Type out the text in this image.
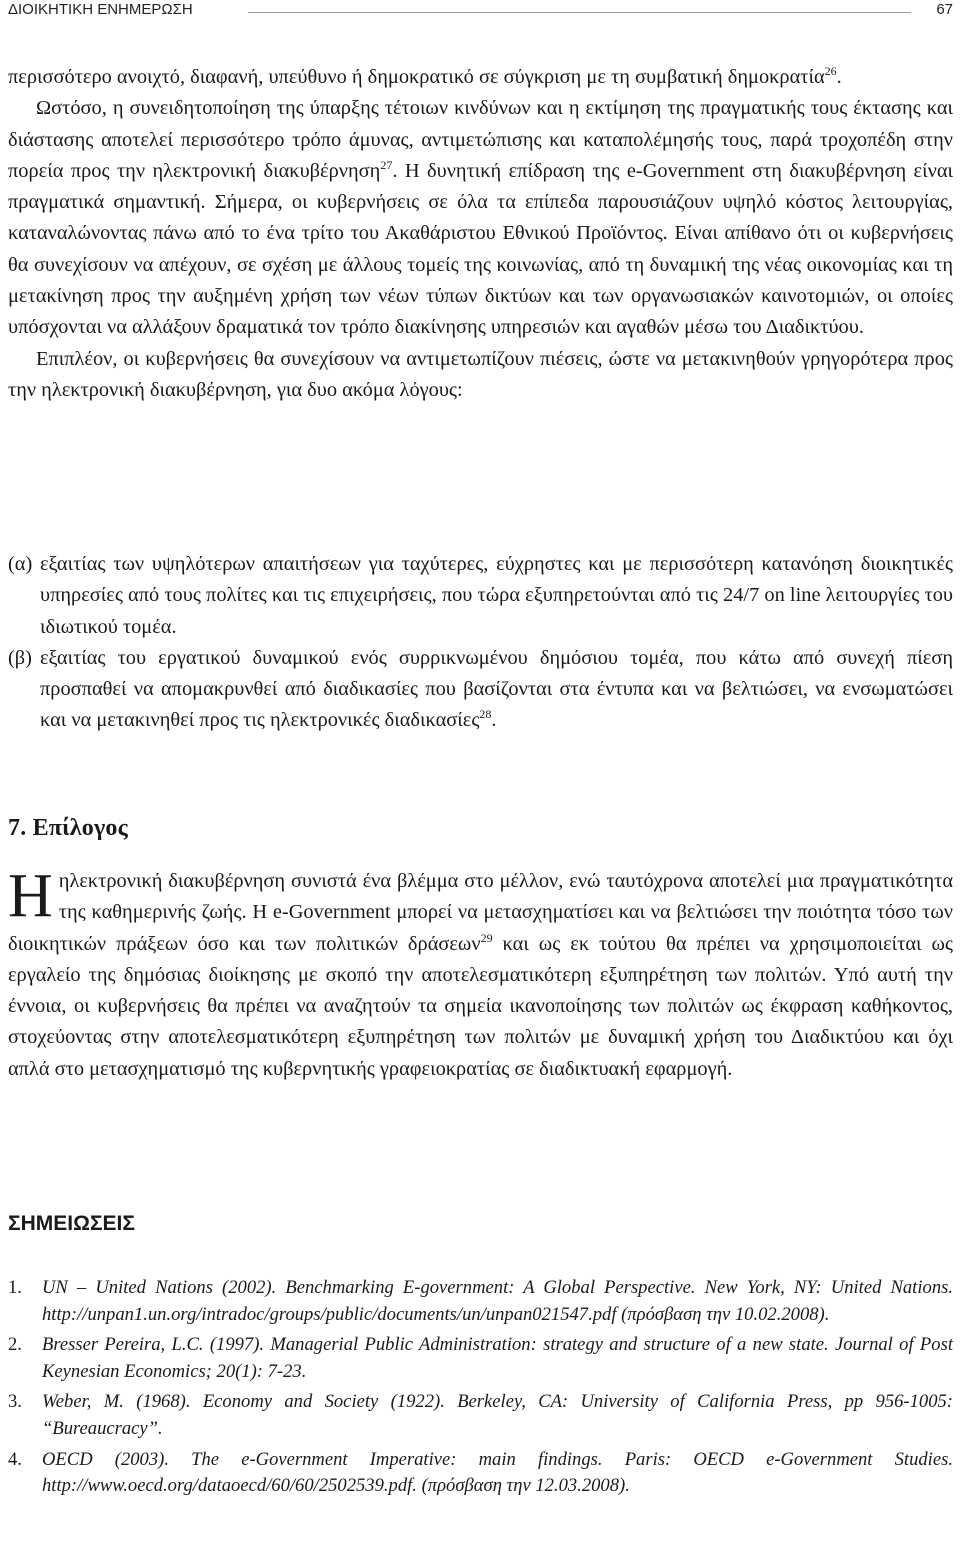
ΔΙΟΙΚΗΤΙΚΗ ΕΝΗΜΕΡΩΣΗ	67

περισσότερο ανοιχτό, διαφανή, υπεύθυνο ή δημοκρατικό σε σύγκριση με τη συμβατική δημοκρατία$^{26}$.

Ωστόσο, η συνειδητοποίηση της ύπαρξης τέτοιων κινδύνων και η εκτίμηση της πραγματικής τους έκτασης και διάστασης αποτελεί περισσότερο τρόπο άμυνας, αντιμετώπισης και καταπολέμησής τους, παρά τροχοπέδη στην πορεία προς την ηλεκτρονική διακυβέρνηση$^{27}$. Η δυνητική επίδραση της e-Government στη διακυβέρνηση είναι πραγματικά σημαντική. Σήμερα, οι κυβερνήσεις σε όλα τα επίπεδα παρουσιάζουν υψηλό κόστος λειτουργίας, καταναλώνοντας πάνω από το ένα τρίτο του Ακαθάριστου Εθνικού Προϊόντος. Είναι απίθανο ότι οι κυβερνήσεις θα συνεχίσουν να απέχουν, σε σχέση με άλλους τομείς της κοινωνίας, από τη δυναμική της νέας οικονομίας και τη μετακίνηση προς την αυξημένη χρήση των νέων τύπων δικτύων και των οργανωσιακών καινοτομιών, οι οποίες υπόσχονται να αλλάξουν δραματικά τον τρόπο διακίνησης υπηρεσιών και αγαθών μέσω του Διαδικτύου.

Επιπλέον, οι κυβερνήσεις θα συνεχίσουν να αντιμετωπίζουν πιέσεις, ώστε να μετακινηθούν γρηγορότερα προς την ηλεκτρονική διακυβέρνηση, για δυο ακόμα λόγους:

(α) εξαιτίας των υψηλότερων απαιτήσεων για ταχύτερες, εύχρηστες και με περισσότερη κατανόηση διοικητικές υπηρεσίες από τους πολίτες και τις επιχειρήσεις, που τώρα εξυπηρετούνται από τις 24/7 on line λειτουργίες του ιδιωτικού τομέα.
(β) εξαιτίας του εργατικού δυναμικού ενός συρρικνωμένου δημόσιου τομέα, που κάτω από συνεχή πίεση προσπαθεί να απομακρυνθεί από διαδικασίες που βασίζονται στα έντυπα και να βελτιώσει, να ενσωματώσει και να μετακινηθεί προς τις ηλεκτρονικές διαδικασίες$^{28}$.
7. Επίλογος

Ηηλεκτρονική διακυβέρνηση συνιστά ένα βλέμμα στο μέλλον, ενώ ταυτόχρονα αποτελεί μια πραγματικότητα της καθημερινής ζωής. Η e-Government μπορεί να μετασχηματίσει και να βελτιώσει την ποιότητα τόσο των διοικητικών πράξεων όσο και των πολιτικών δράσεων$^{29}$ και ως εκ τούτου θα πρέπει να χρησιμοποιείται ως εργαλείο της δημόσιας διοίκησης με σκοπό την αποτελεσματικότερη εξυπηρέτηση των πολιτών. Υπό αυτή την έννοια, οι κυβερνήσεις θα πρέπει να αναζητούν τα σημεία ικανοποίησης των πολιτών ως έκφραση καθήκοντος, στοχεύοντας στην αποτελεσματικότερη εξυπηρέτηση των πολιτών με δυναμική χρήση του Διαδικτύου και όχι απλά στο μετασχηματισμό της κυβερνητικής γραφειοκρατίας σε διαδικτυακή εφαρμογή.

ΣΗΜΕΙΩΣΕΙΣ
1. UN – United Nations (2002). Benchmarking E-government: A Global Perspective. New York, NY: United Nations. http://unpan1.un.org/intradoc/groups/public/documents/un/unpan021547.pdf (πρόσβαση την 10.02.2008).
2. Bresser Pereira, L.C. (1997). Managerial Public Administration: strategy and structure of a new state. Journal of Post Keynesian Economics; 20(1): 7-23.
3. Weber, M. (1968). Economy and Society (1922). Berkeley, CA: University of California Press, pp 956-1005: “Bureaucracy”.
4. OECD (2003). The e-Government Imperative: main findings. Paris: OECD e-Government Studies. http://www.oecd.org/dataoecd/60/60/2502539.pdf. (πρόσβαση την 12.03.2008).
